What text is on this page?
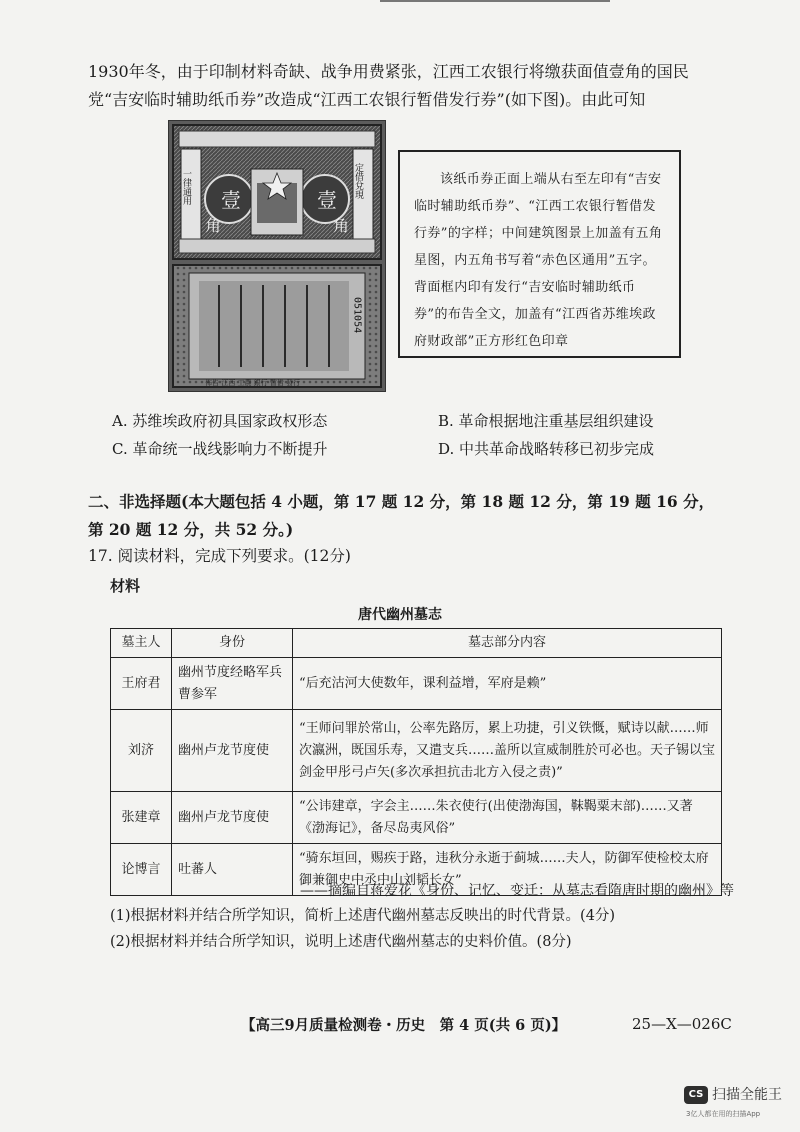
1930年冬，由于印制材料奇缺、战争用费紧张，江西工农银行将缴获面值壹角的国民党“吉安临时辅助纸币券”改造成“江西工农银行暂借发行券”(如下图)。由此可知
壹	壹
角	角
一律通用	定借兌現
051054
佈告 江西 工農 銀行 暫借 發行
该纸币券正面上端从右至左印有“吉安临时辅助纸币券”、“江西工农银行暂借发行券”的字样；中间建筑图景上加盖有五角星图，内五角书写着“赤色区通用”五字。背面框内印有发行“吉安临时辅助纸币券”的布告全文，加盖有“江西省苏维埃政府财政部”正方形红色印章
A. 苏维埃政府初具国家政权形态	B. 革命根据地注重基层组织建设
C. 革命统一战线影响力不断提升	D. 中共革命战略转移已初步完成
二、非选择题(本大题包括 4 小题，第 17 题 12 分，第 18 题 12 分，第 19 题 16 分，第 20 题 12 分，共 52 分。)
17. 阅读材料，完成下列要求。(12分)
材料
唐代幽州墓志
墓主人	身份	墓志部分内容
王府君	幽州节度经略军兵曹参军	“后充沽河大使数年，课利益增，军府是赖”
刘济	幽州卢龙节度使	“王师问罪於常山，公率先路厉，累上功捷，引义铁慨，赋诗以献……师次瀛洲，既国乐寿，又遣支兵……盖所以宣威制胜於可必也。天子锡以宝剑金甲彤弓卢矢(多次承担抗击北方入侵之责)”
张建章	幽州卢龙节度使	“公讳建章，字会主……朱衣使行(出使渤海国，靺鞨粟末部)……又著《渤海记》，备尽岛夷风俗”
论博言	吐蕃人	“骑东垣回，赐疾于路，违秋分永逝于蓟城……夫人，防御军使检校太府御兼御史中丞中山刘韬长女”
——摘编自蒋爱花《身份、记忆、变迁：从墓志看隋唐时期的幽州》等
(1)根据材料并结合所学知识，简析上述唐代幽州墓志反映出的时代背景。(4分)
(2)根据材料并结合所学知识，说明上述唐代幽州墓志的史料价值。(8分)
【高三9月质量检测卷・历史　第 4 页(共 6 页)】	25—X—026C
CS 扫描全能王
3亿人都在用的扫描App
